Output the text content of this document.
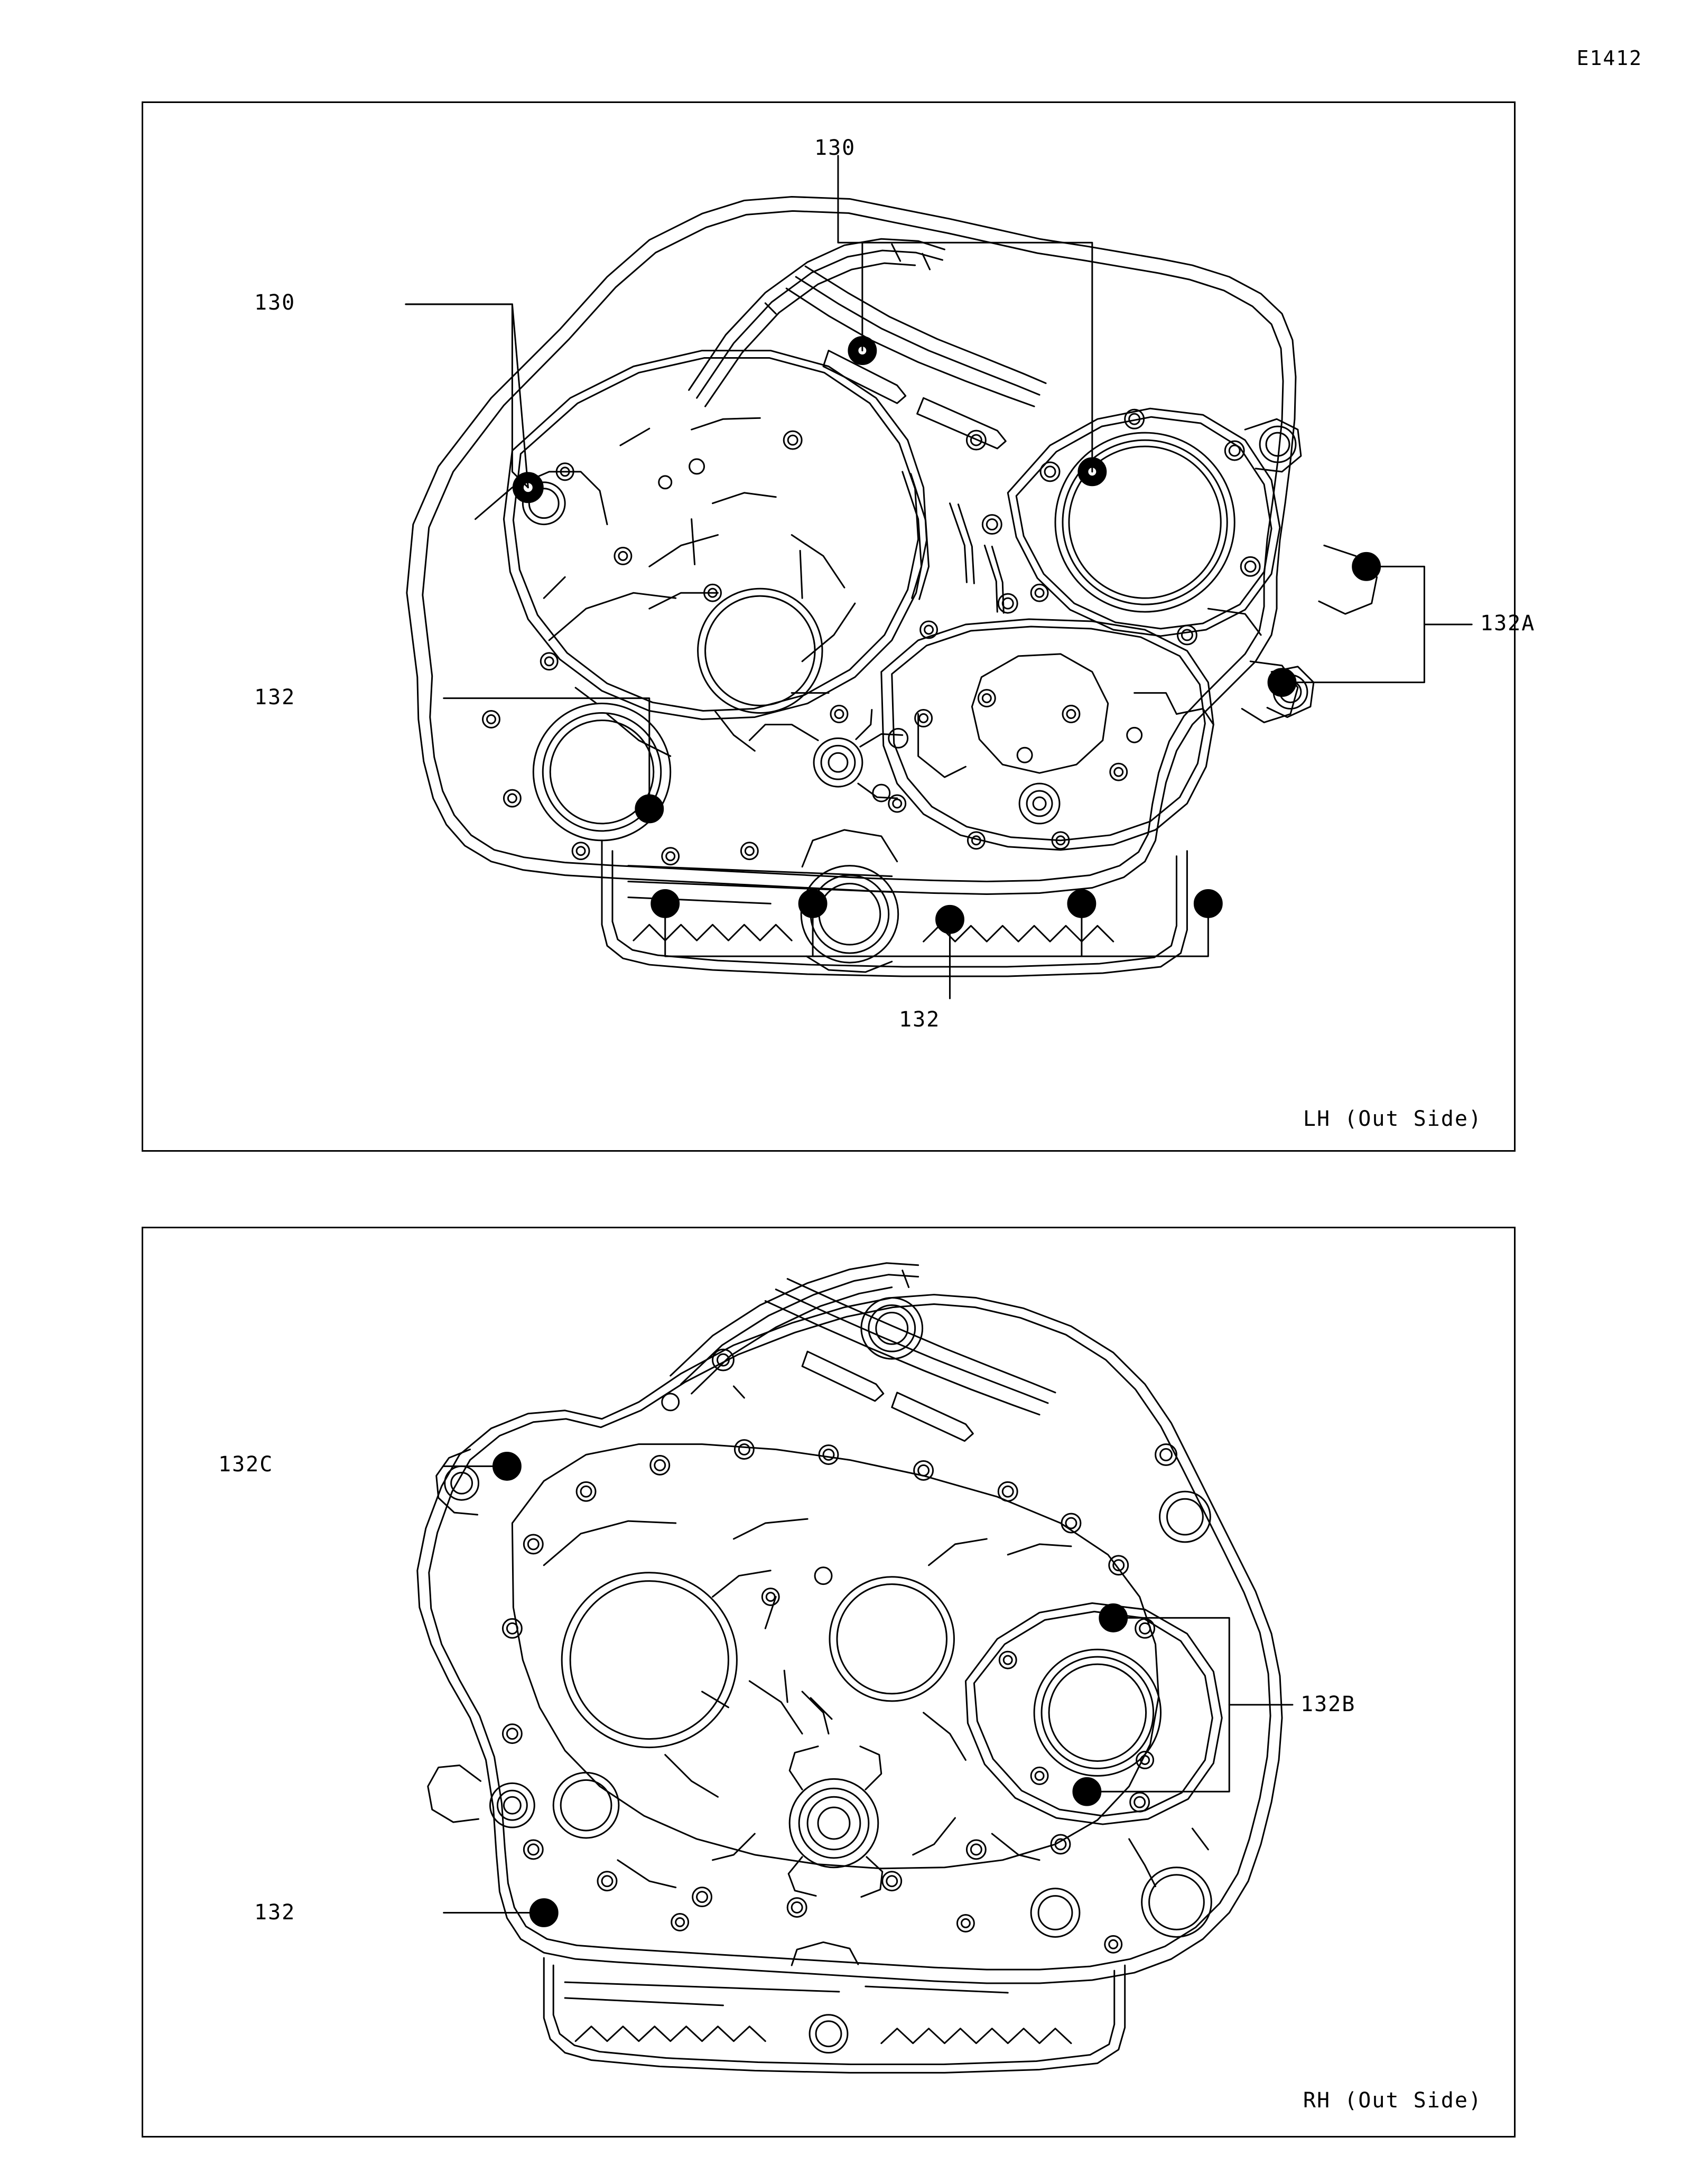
E1412
130
130
132A
132
132
LH (Out Side)
132C
132B
132
RH (Out Side)
